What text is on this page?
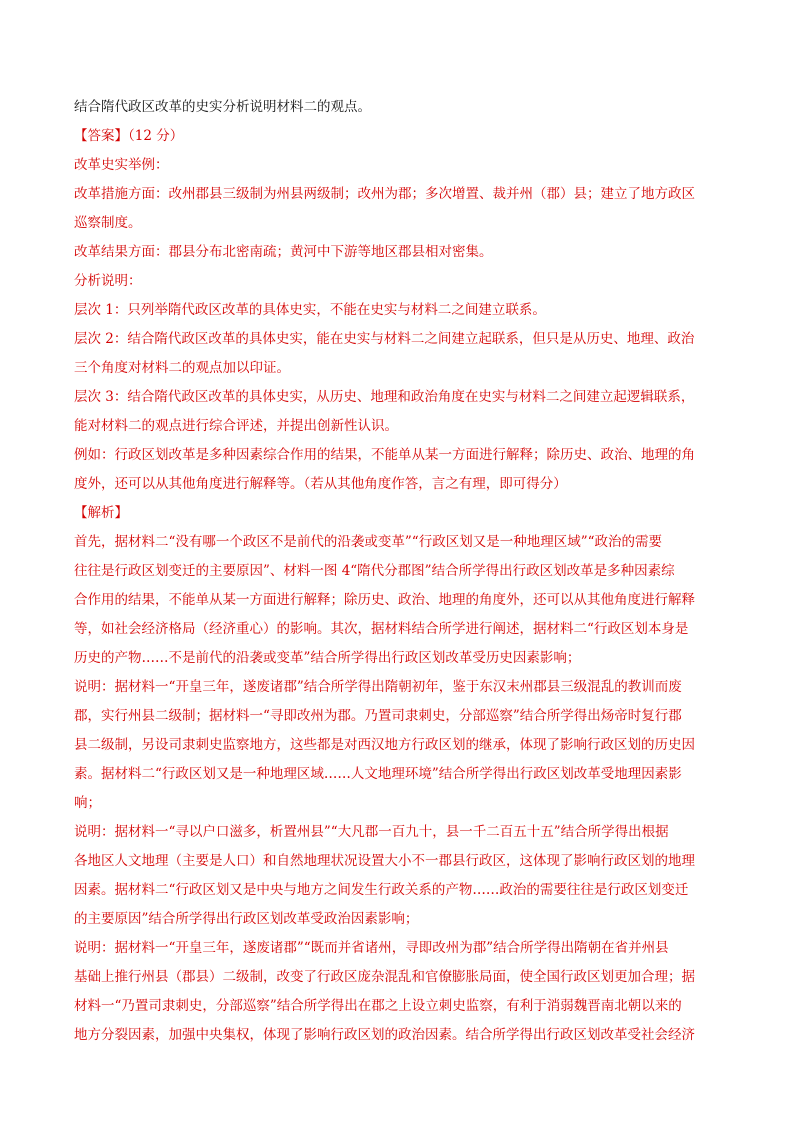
结合隋代政区改革的史实分析说明材料二的观点。
【答案】（12 分）
改革史实举例：
改革措施方面：改州郡县三级制为州县两级制；改州为郡；多次增置、裁并州（郡）县；建立了地方政区
巡察制度。
改革结果方面：郡县分布北密南疏；黄河中下游等地区郡县相对密集。
分析说明：
层次 1：只列举隋代政区改革的具体史实，不能在史实与材料二之间建立联系。
层次 2：结合隋代政区改革的具体史实，能在史实与材料二之间建立起联系，但只是从历史、地理、政治
三个角度对材料二的观点加以印证。
层次 3：结合隋代政区改革的具体史实，从历史、地理和政治角度在史实与材料二之间建立起逻辑联系，
能对材料二的观点进行综合评述，并提出创新性认识。
例如：行政区划改革是多种因素综合作用的结果，不能单从某一方面进行解释；除历史、政治、地理的角
度外，还可以从其他角度进行解释等。（若从其他角度作答，言之有理，即可得分）
【解析】
首先，据材料二“没有哪一个政区不是前代的沿袭或变革”“行政区划又是一种地理区域”“政治的需要
往往是行政区划变迁的主要原因”、材料一图 4“隋代分郡图”结合所学得出行政区划改革是多种因素综
合作用的结果，不能单从某一方面进行解释；除历史、政治、地理的角度外，还可以从其他角度进行解释
等，如社会经济格局（经济重心）的影响。其次，据材料结合所学进行阐述，据材料二“行政区划本身是
历史的产物……不是前代的沿袭或变革”结合所学得出行政区划改革受历史因素影响；
说明：据材料一“开皇三年，遂废诸郡”结合所学得出隋朝初年，鉴于东汉末州郡县三级混乱的教训而废
郡，实行州县二级制；据材料一“寻即改州为郡。乃置司隶刺史，分部巡察”结合所学得出炀帝时复行郡
县二级制，另设司隶刺史监察地方，这些都是对西汉地方行政区划的继承，体现了影响行政区划的历史因
素。据材料二“行政区划又是一种地理区域……人文地理环境”结合所学得出行政区划改革受地理因素影
响；
说明：据材料一“寻以户口滋多，析置州县”“大凡郡一百九十，县一千二百五十五”结合所学得出根据
各地区人文地理（主要是人口）和自然地理状况设置大小不一郡县行政区，这体现了影响行政区划的地理
因素。据材料二“行政区划又是中央与地方之间发生行政关系的产物……政治的需要往往是行政区划变迁
的主要原因”结合所学得出行政区划改革受政治因素影响；
说明：据材料一“开皇三年，遂废诸郡”“既而并省诸州，寻即改州为郡”结合所学得出隋朝在省并州县
基础上推行州县（郡县）二级制，改变了行政区庞杂混乱和官僚膨胀局面，使全国行政区划更加合理；据
材料一“乃置司隶刺史，分部巡察”结合所学得出在郡之上设立刺史监察，有利于消弱魏晋南北朝以来的
地方分裂因素，加强中央集权，体现了影响行政区划的政治因素。结合所学得出行政区划改革受社会经济
